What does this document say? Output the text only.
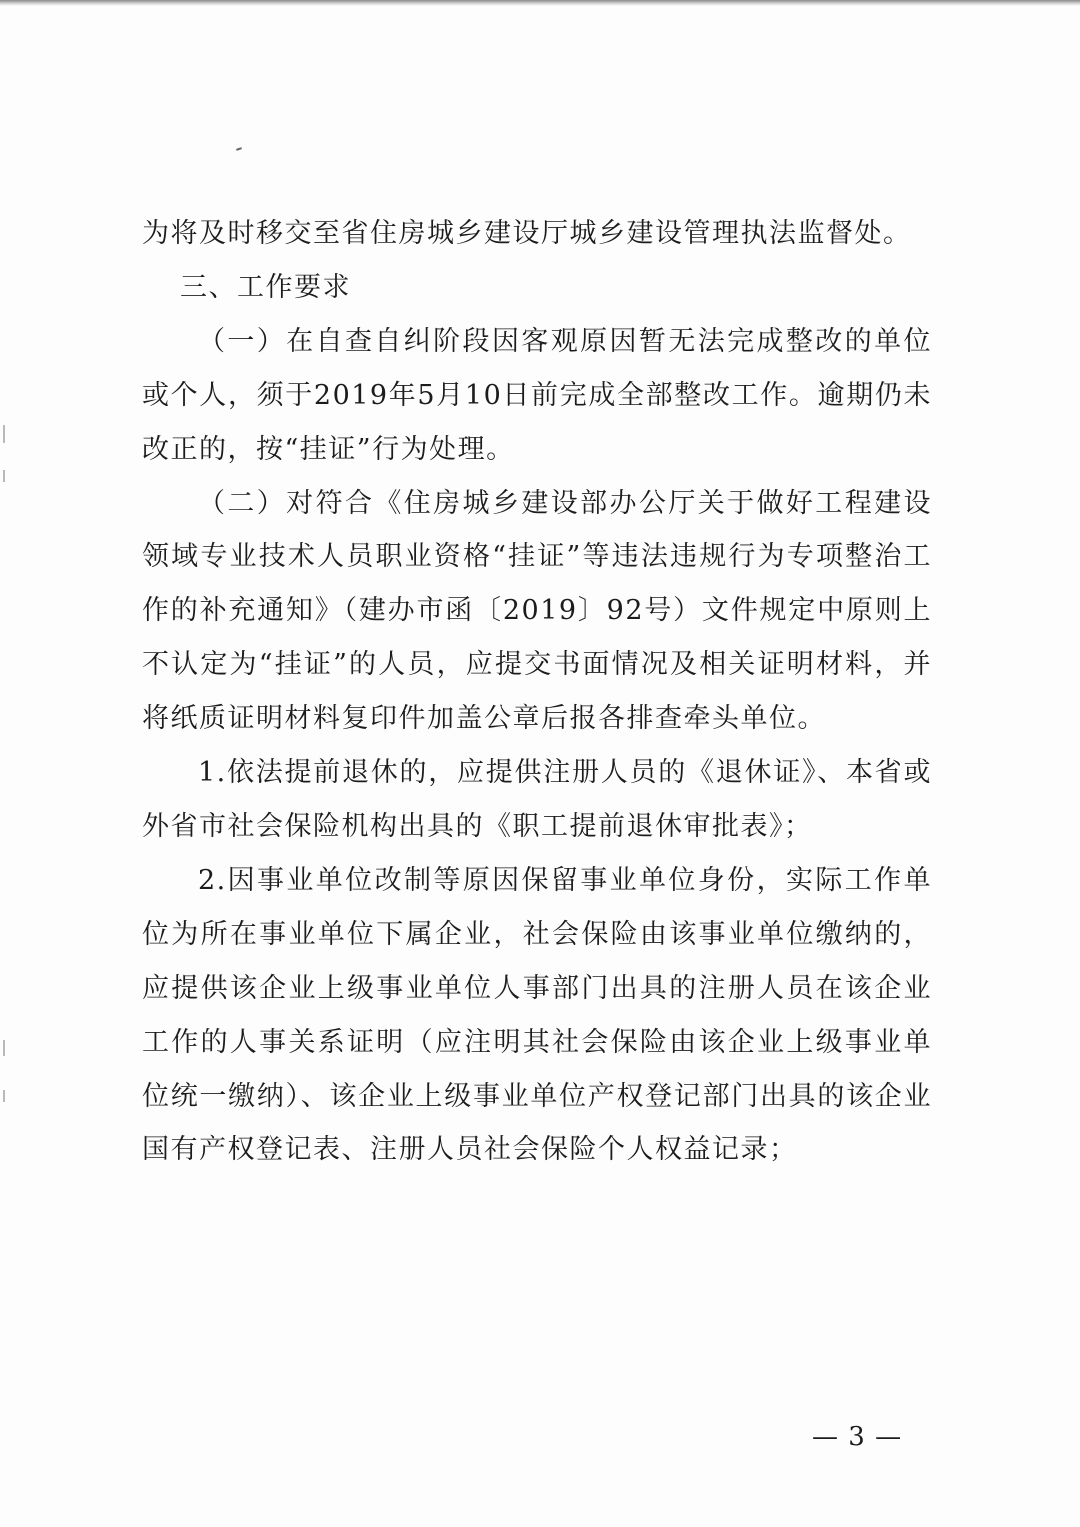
为将及时移交至省住房城乡建设厅城乡建设管理执法监督处。

三、工作要求

（一）在自查自纠阶段因客观原因暂无法完成整改的单位或个人，须于2019年5月10日前完成全部整改工作。逾期仍未改正的，按“挂证”行为处理。

（二）对符合《住房城乡建设部办公厅关于做好工程建设领域专业技术人员职业资格“挂证”等违法违规行为专项整治工作的补充通知》（建办市函〔2019〕92号）文件规定中原则上不认定为“挂证”的人员，应提交书面情况及相关证明材料，并将纸质证明材料复印件加盖公章后报各排查牵头单位。

1.依法提前退休的，应提供注册人员的《退休证》、本省或外省市社会保险机构出具的《职工提前退休审批表》；

2.因事业单位改制等原因保留事业单位身份，实际工作单位为所在事业单位下属企业，社会保险由该事业单位缴纳的，应提供该企业上级事业单位人事部门出具的注册人员在该企业工作的人事关系证明（应注明其社会保险由该企业上级事业单位统一缴纳）、该企业上级事业单位产权登记部门出具的该企业国有产权登记表、注册人员社会保险个人权益记录；

— 3 —
